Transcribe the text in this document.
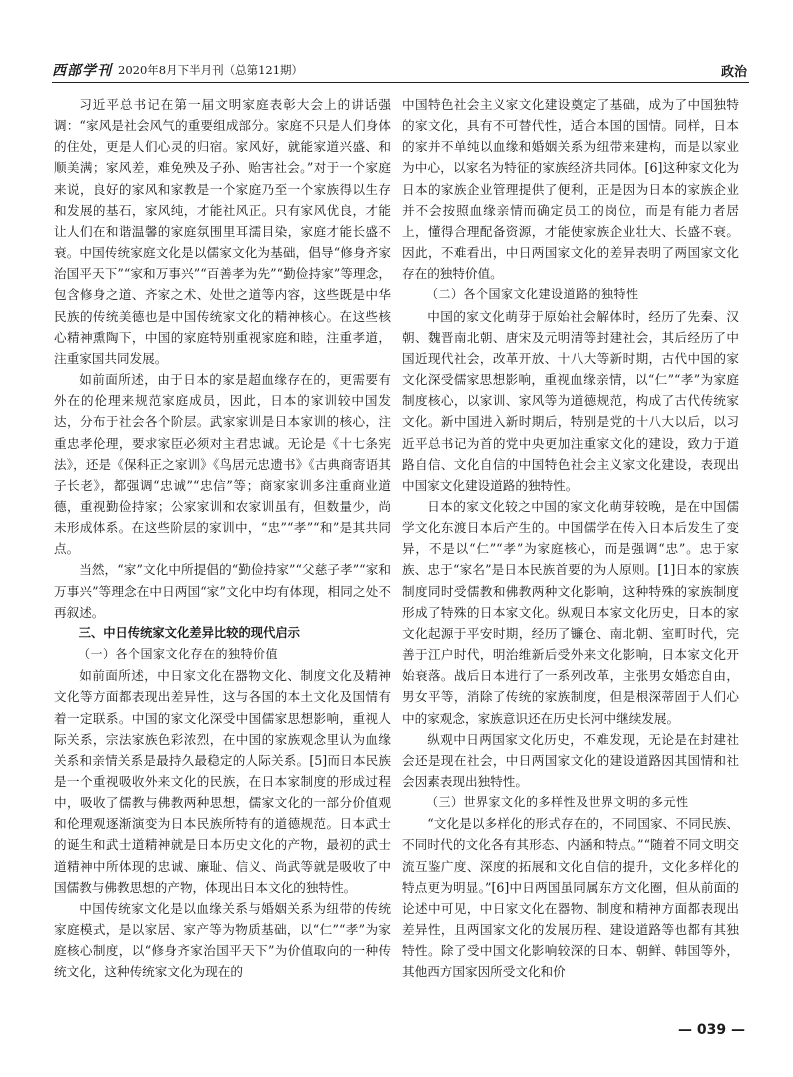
西部学刊 2020年8月下半月刊（总第121期）	政治

习近平总书记在第一届文明家庭表彰大会上的讲话强调：“家风是社会风气的重要组成部分。家庭不只是人们身体的住处，更是人们心灵的归宿。家风好，就能家道兴盛、和顺美满；家风差，难免殃及子孙、贻害社会。”对于一个家庭来说，良好的家风和家教是一个家庭乃至一个家族得以生存和发展的基石，家风纯，才能社风正。只有家风优良，才能让人们在和谐温馨的家庭氛围里耳濡目染，家庭才能长盛不衰。中国传统家庭文化是以儒家文化为基础，倡导“修身齐家治国平天下”“家和万事兴”“百善孝为先”“勤俭持家”等理念，包含修身之道、齐家之术、处世之道等内容，这些既是中华民族的传统美德也是中国传统家文化的精神核心。在这些核心精神熏陶下，中国的家庭特别重视家庭和睦，注重孝道，注重家国共同发展。

如前面所述，由于日本的家是超血缘存在的，更需要有外在的伦理来规范家庭成员，因此，日本的家训较中国发达，分布于社会各个阶层。武家家训是日本家训的核心，注重忠孝伦理，要求家臣必须对主君忠诚。无论是《十七条宪法》，还是《保科正之家训》《鸟居元忠遗书》《古典商寄语其子长老》，都强调“忠诚”“忠信”等；商家家训多注重商业道德，重视勤俭持家；公家家训和农家训虽有，但数量少，尚未形成体系。在这些阶层的家训中，“忠”“孝”“和”是其共同点。

当然，“家”文化中所提倡的“勤俭持家”“父慈子孝”“家和万事兴”等理念在中日两国“家”文化中均有体现，相同之处不再叙述。

三、中日传统家文化差异比较的现代启示

（一）各个国家文化存在的独特价值

如前面所述，中日家文化在器物文化、制度文化及精神文化等方面都表现出差异性，这与各国的本土文化及国情有着一定联系。中国的家文化深受中国儒家思想影响，重视人际关系，宗法家族色彩浓烈，在中国的家族观念里认为血缘关系和亲情关系是最持久最稳定的人际关系。[5]而日本民族是一个重视吸收外来文化的民族，在日本家制度的形成过程中，吸收了儒教与佛教两种思想，儒家文化的一部分价值观和伦理观逐渐演变为日本民族所特有的道德规范。日本武士的诞生和武士道精神就是日本历史文化的产物，最初的武士道精神中所体现的忠诚、廉耻、信义、尚武等就是吸收了中国儒教与佛教思想的产物，体现出日本文化的独特性。

中国传统家文化是以血缘关系与婚姻关系为纽带的传统家庭模式，是以家居、家产等为物质基础，以“仁”“孝”为家庭核心制度，以“修身齐家治国平天下”为价值取向的一种传统文化，这种传统家文化为现在的

中国特色社会主义家文化建设奠定了基础，成为了中国独特的家文化，具有不可替代性，适合本国的国情。同样，日本的家并不单纯以血缘和婚姻关系为纽带来建构，而是以家业为中心，以家名为特征的家族经济共同体。[6]这种家文化为日本的家族企业管理提供了便利，正是因为日本的家族企业并不会按照血缘亲情而确定员工的岗位，而是有能力者居上，懂得合理配备资源，才能使家族企业壮大、长盛不衰。因此，不难看出，中日两国家文化的差异表明了两国家文化存在的独特价值。

（二）各个国家文化建设道路的独特性

中国的家文化萌芽于原始社会解体时，经历了先秦、汉朝、魏晋南北朝、唐宋及元明清等封建社会，其后经历了中国近现代社会，改革开放、十八大等新时期，古代中国的家文化深受儒家思想影响，重视血缘亲情，以“仁”“孝”为家庭制度核心，以家训、家风等为道德规范，构成了古代传统家文化。新中国进入新时期后，特别是党的十八大以后，以习近平总书记为首的党中央更加注重家文化的建设，致力于道路自信、文化自信的中国特色社会主义家文化建设，表现出中国家文化建设道路的独特性。

日本的家文化较之中国的家文化萌芽较晚，是在中国儒学文化东渡日本后产生的。中国儒学在传入日本后发生了变异，不是以“仁”“孝”为家庭核心，而是强调“忠”。忠于家族、忠于“家名”是日本民族首要的为人原则。[1]日本的家族制度同时受儒教和佛教两种文化影响，这种特殊的家族制度形成了特殊的日本家文化。纵观日本家文化历史，日本的家文化起源于平安时期，经历了镰仓、南北朝、室町时代，完善于江户时代，明治维新后受外来文化影响，日本家文化开始衰落。战后日本进行了一系列改革，主张男女婚恋自由，男女平等，消除了传统的家族制度，但是根深蒂固于人们心中的家观念，家族意识还在历史长河中继续发展。

纵观中日两国家文化历史，不难发现，无论是在封建社会还是现在社会，中日两国家文化的建设道路因其国情和社会因素表现出独特性。

（三）世界家文化的多样性及世界文明的多元性

“文化是以多样化的形式存在的，不同国家、不同民族、不同时代的文化各有其形态、内涵和特点。”“随着不同文明交流互鉴广度、深度的拓展和文化自信的提升，文化多样化的特点更为明显。”[6]中日两国虽同属东方文化圈，但从前面的论述中可见，中日家文化在器物、制度和精神方面都表现出差异性，且两国家文化的发展历程、建设道路等也都有其独特性。除了受中国文化影响较深的日本、朝鲜、韩国等外，其他西方国家因所受文化和价

— 039 —
